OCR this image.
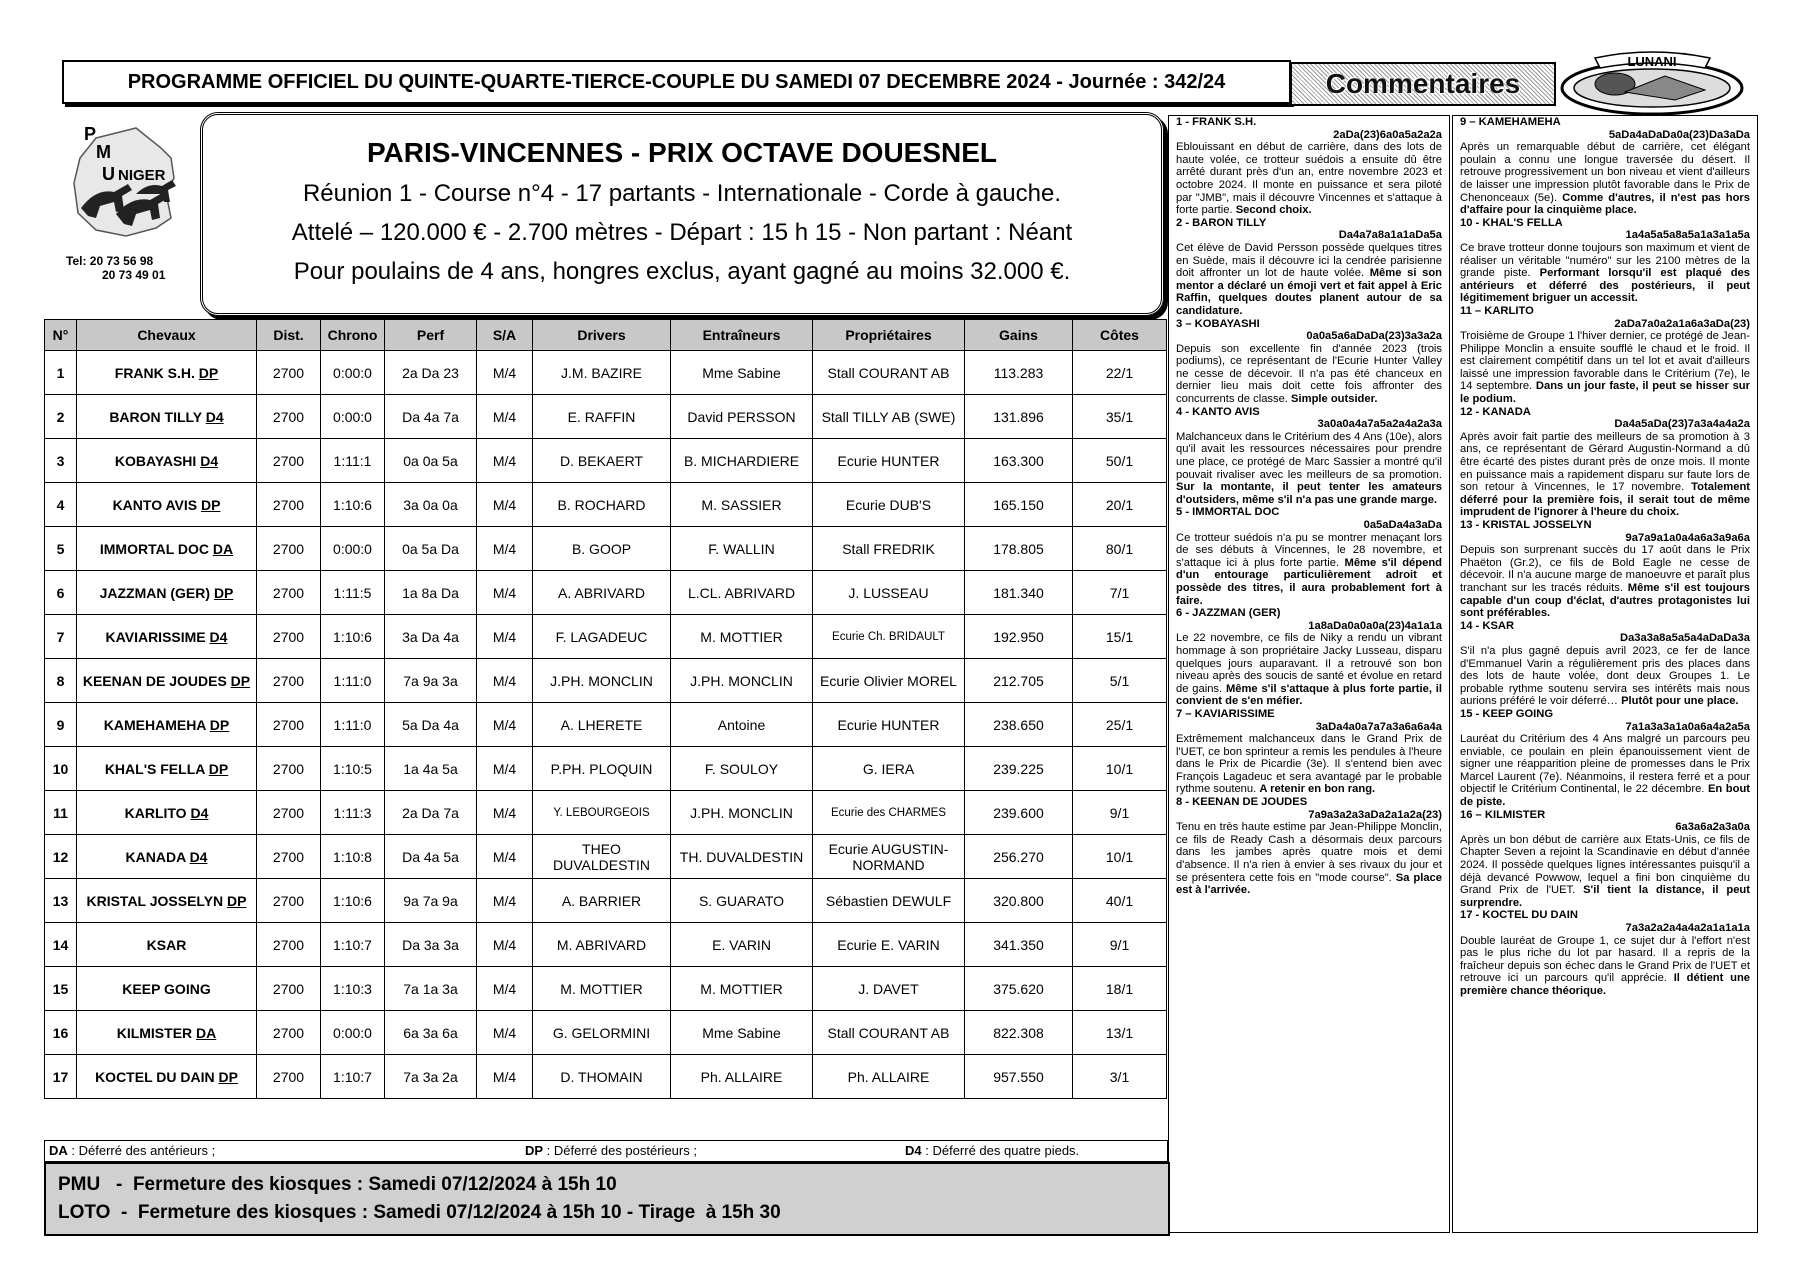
PROGRAMME OFFICIEL DU QUINTE-QUARTE-TIERCE-COUPLE DU SAMEDI 07 DECEMBRE 2024 - Journée : 342/24	Commentaires
LUNANI
P
M
U NIGER
Tel: 20 73 56 98
20 73 49 01
PARIS-VINCENNES - PRIX OCTAVE DOUESNEL
Réunion 1 - Course n°4 - 17 partants - Internationale - Corde à gauche.
Attelé – 120.000 € - 2.700 mètres - Départ : 15 h 15 - Non partant : Néant
Pour poulains de 4 ans, hongres exclus, ayant gagné au moins 32.000 €.
N°	Chevaux	Dist.	Chrono	Perf	S/A	Drivers	Entraîneurs	Propriétaires	Gains	Côtes
1	FRANK S.H. DP	2700	0:00:0	2a Da 23	M/4	J.M. BAZIRE	Mme Sabine	Stall COURANT AB	113.283	22/1
2	BARON TILLY D4	2700	0:00:0	Da 4a 7a	M/4	E. RAFFIN	David PERSSON	Stall TILLY AB (SWE)	131.896	35/1
3	KOBAYASHI D4	2700	1:11:1	0a 0a 5a	M/4	D. BEKAERT	B. MICHARDIERE	Ecurie HUNTER	163.300	50/1
4	KANTO AVIS DP	2700	1:10:6	3a 0a 0a	M/4	B. ROCHARD	M. SASSIER	Ecurie DUB'S	165.150	20/1
5	IMMORTAL DOC DA	2700	0:00:0	0a 5a Da	M/4	B. GOOP	F. WALLIN	Stall FREDRIK	178.805	80/1
6	JAZZMAN (GER) DP	2700	1:11:5	1a 8a Da	M/4	A. ABRIVARD	L.CL. ABRIVARD	J. LUSSEAU	181.340	7/1
7	KAVIARISSIME D4	2700	1:10:6	3a Da 4a	M/4	F. LAGADEUC	M. MOTTIER	Ecurie Ch. BRIDAULT	192.950	15/1
8	KEENAN DE JOUDES DP	2700	1:11:0	7a 9a 3a	M/4	J.PH. MONCLIN	J.PH. MONCLIN	Ecurie Olivier MOREL	212.705	5/1
9	KAMEHAMEHA DP	2700	1:11:0	5a Da 4a	M/4	A. LHERETE	Antoine	Ecurie HUNTER	238.650	25/1
10	KHAL'S FELLA DP	2700	1:10:5	1a 4a 5a	M/4	P.PH. PLOQUIN	F. SOULOY	G. IERA	239.225	10/1
11	KARLITO D4	2700	1:11:3	2a Da 7a	M/4	Y. LEBOURGEOIS	J.PH. MONCLIN	Ecurie des CHARMES	239.600	9/1
12	KANADA D4	2700	1:10:8	Da 4a 5a	M/4	THEO DUVALDESTIN	TH. DUVALDESTIN	Ecurie AUGUSTIN-NORMAND	256.270	10/1
13	KRISTAL JOSSELYN DP	2700	1:10:6	9a 7a 9a	M/4	A. BARRIER	S. GUARATO	Sébastien DEWULF	320.800	40/1
14	KSAR	2700	1:10:7	Da 3a 3a	M/4	M. ABRIVARD	E. VARIN	Ecurie E. VARIN	341.350	9/1
15	KEEP GOING	2700	1:10:3	7a 1a 3a	M/4	M. MOTTIER	M. MOTTIER	J. DAVET	375.620	18/1
16	KILMISTER DA	2700	0:00:0	6a 3a 6a	M/4	G. GELORMINI	Mme Sabine	Stall COURANT AB	822.308	13/1
17	KOCTEL DU DAIN DP	2700	1:10:7	7a 3a 2a	M/4	D. THOMAIN	Ph. ALLAIRE	Ph. ALLAIRE	957.550	3/1
DA : Déferré des antérieurs ;	DP : Déferré des postérieurs ;	D4 : Déferré des quatre pieds.
PMU   -  Fermeture des kiosques : Samedi 07/12/2024 à 15h 10
LOTO  -  Fermeture des kiosques : Samedi 07/12/2024 à 15h 10 - Tirage  à 15h 30
1 - FRANK S.H.
2aDa(23)6a0a5a2a2a
Eblouissant en début de carrière, dans des lots de haute volée, ce trotteur suédois a ensuite dû être arrêté durant près d'un an, entre novembre 2023 et octobre 2024. Il monte en puissance et sera piloté par "JMB", mais il découvre Vincennes et s'attaque à forte partie. Second choix.
2 - BARON TILLY
Da4a7a8a1a1aDa5a
Cet élève de David Persson possède quelques titres en Suède, mais il découvre ici la cendrée parisienne doit affronter un lot de haute volée. Même si son mentor a déclaré un émoji vert et fait appel à Eric Raffin, quelques doutes planent autour de sa candidature.
3 – KOBAYASHI
0a0a5a6aDaDa(23)3a3a2a
Depuis son excellente fin d'année 2023 (trois podiums), ce représentant de l'Ecurie Hunter Valley ne cesse de décevoir. Il n'a pas été chanceux en dernier lieu mais doit cette fois affronter des concurrents de classe. Simple outsider.
4 - KANTO AVIS
3a0a0a4a7a5a2a4a2a3a
Malchanceux dans le Critérium des 4 Ans (10e), alors qu'il avait les ressources nécessaires pour prendre une place, ce protégé de Marc Sassier a montré qu'il pouvait rivaliser avec les meilleurs de sa promotion. Sur la montante, il peut tenter les amateurs d'outsiders, même s'il n'a pas une grande marge.
5 - IMMORTAL DOC
0a5aDa4a3aDa
Ce trotteur suédois n'a pu se montrer menaçant lors de ses débuts à Vincennes, le 28 novembre, et s'attaque ici à plus forte partie. Même s'il dépend d'un entourage particulièrement adroit et possède des titres, il aura probablement fort à faire.
6 - JAZZMAN (GER)
1a8aDa0a0a0a(23)4a1a1a
Le 22 novembre, ce fils de Niky a rendu un vibrant hommage à son propriétaire Jacky Lusseau, disparu quelques jours auparavant. Il a retrouvé son bon niveau après des soucis de santé et évolue en retard de gains. Même s'il s'attaque à plus forte partie, il convient de s'en méfier.
7 – KAVIARISSIME
3aDa4a0a7a7a3a6a6a4a
Extrêmement malchanceux dans le Grand Prix de l'UET, ce bon sprinteur a remis les pendules à l'heure dans le Prix de Picardie (3e). Il s'entend bien avec François Lagadeuc et sera avantagé par le probable rythme soutenu. A retenir en bon rang.
8 - KEENAN DE JOUDES
7a9a3a2a3aDa2a1a2a(23)
Tenu en très haute estime par Jean-Philippe Monclin, ce fils de Ready Cash a désormais deux parcours dans les jambes après quatre mois et demi d'absence. Il n'a rien à envier à ses rivaux du jour et se présentera cette fois en "mode course". Sa place est à l'arrivée.
9 – KAMEHAMEHA
5aDa4aDaDa0a(23)Da3aDa
Après un remarquable début de carrière, cet élégant poulain a connu une longue traversée du désert. Il retrouve progressivement un bon niveau et vient d'ailleurs de laisser une impression plutôt favorable dans le Prix de Chenonceaux (5e). Comme d'autres, il n'est pas hors d'affaire pour la cinquième place.
10 - KHAL'S FELLA
1a4a5a5a8a5a1a3a1a5a
Ce brave trotteur donne toujours son maximum et vient de réaliser un véritable "numéro" sur les 2100 mètres de la grande piste. Performant lorsqu'il est plaqué des antérieurs et déferré des postérieurs, il peut légitimement briguer un accessit.
11 – KARLITO
2aDa7a0a2a1a6a3aDa(23)
Troisième de Groupe 1 l'hiver dernier, ce protégé de Jean-Philippe Monclin a ensuite soufflé le chaud et le froid. Il est clairement compétitif dans un tel lot et avait d'ailleurs laissé une impression favorable dans le Critérium (7e), le 14 septembre. Dans un jour faste, il peut se hisser sur le podium.
12 - KANADA
Da4a5aDa(23)7a3a4a4a2a
Après avoir fait partie des meilleurs de sa promotion à 3 ans, ce représentant de Gérard Augustin-Normand a dû être écarté des pistes durant près de onze mois. Il monte en puissance mais a rapidement disparu sur faute lors de son retour à Vincennes, le 17 novembre. Totalement déferré pour la première fois, il serait tout de même imprudent de l'ignorer à l'heure du choix.
13 - KRISTAL JOSSELYN
9a7a9a1a0a4a6a3a9a6a
Depuis son surprenant succès du 17 août dans le Prix Phaëton (Gr.2), ce fils de Bold Eagle ne cesse de décevoir. Il n'a aucune marge de manoeuvre et paraît plus tranchant sur les tracés réduits. Même s'il est toujours capable d'un coup d'éclat, d'autres protagonistes lui sont préférables.
14 - KSAR
Da3a3a8a5a5a4aDaDa3a
S'il n'a plus gagné depuis avril 2023, ce fer de lance d'Emmanuel Varin a régulièrement pris des places dans des lots de haute volée, dont deux Groupes 1. Le probable rythme soutenu servira ses intérêts mais nous aurions préféré le voir déferré… Plutôt pour une place.
15 - KEEP GOING
7a1a3a3a1a0a6a4a2a5a
Lauréat du Critérium des 4 Ans malgré un parcours peu enviable, ce poulain en plein épanouissement vient de signer une réapparition pleine de promesses dans le Prix Marcel Laurent (7e). Néanmoins, il restera ferré et a pour objectif le Critérium Continental, le 22 décembre. En bout de piste.
16 – KILMISTER
6a3a6a2a3a0a
Après un bon début de carrière aux Etats-Unis, ce fils de Chapter Seven a rejoint la Scandinavie en début d'année 2024. Il possède quelques lignes intéressantes puisqu'il a déjà devancé Powwow, lequel a fini bon cinquième du Grand Prix de l'UET. S'il tient la distance, il peut surprendre.
17 - KOCTEL DU DAIN
7a3a2a2a4a4a2a1a1a1a
Double lauréat de Groupe 1, ce sujet dur à l'effort n'est pas le plus riche du lot par hasard. Il a repris de la fraîcheur depuis son échec dans le Grand Prix de l'UET et retrouve ici un parcours qu'il apprécie. Il détient une première chance théorique.
